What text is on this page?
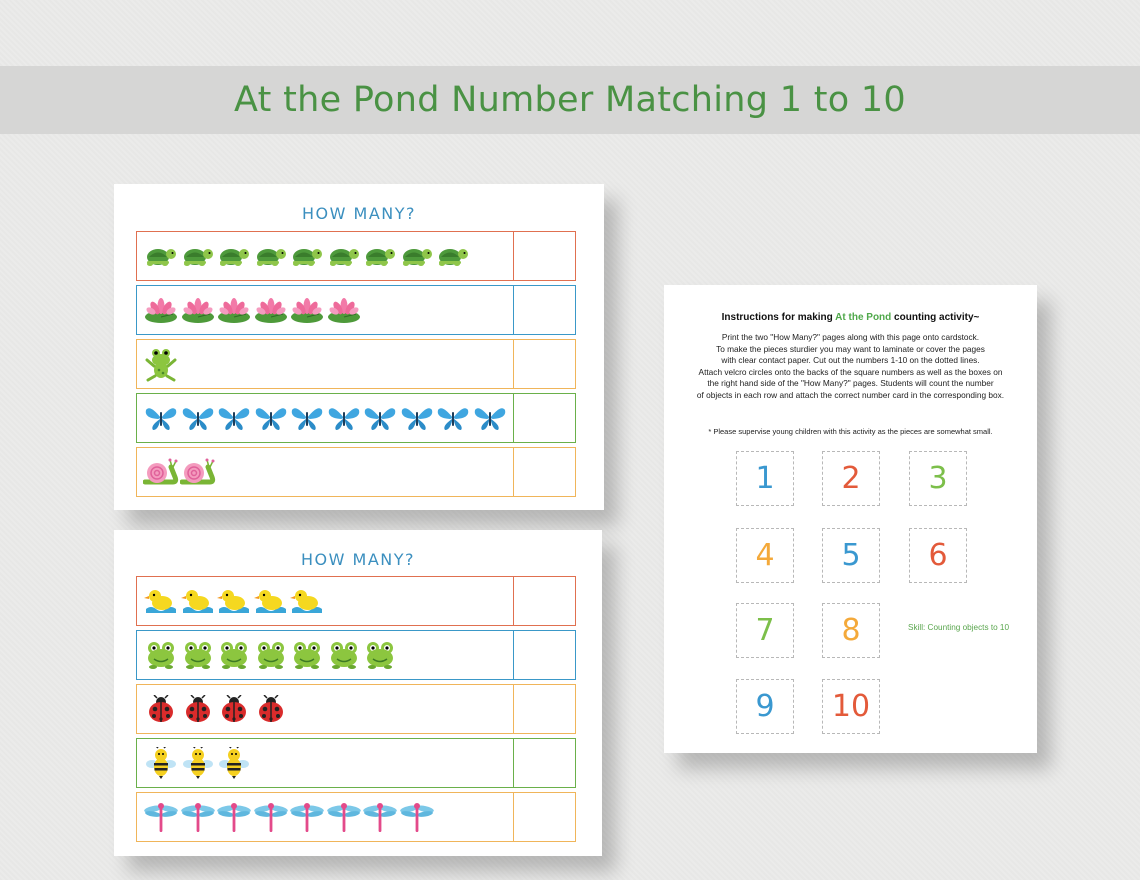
At the Pond Number Matching 1 to 10
HOW MANY?
HOW MANY?
Instructions for making At the Pond counting activity~
Print the two "How Many?" pages along with this page onto cardstock.
To make the pieces sturdier you may want to laminate or cover the pages
with clear contact paper. Cut out the numbers 1-10 on the dotted lines.
Attach velcro circles onto the backs of the square numbers as well as the boxes on
the right hand side of the "How Many?" pages. Students will count the number
of objects in each row and attach the correct number card in the corresponding box.
* Please supervise young children with this activity as the pieces are somewhat small.
1	2	3
4	5	6
7	8	Skill: Counting objects to 10
9	10
